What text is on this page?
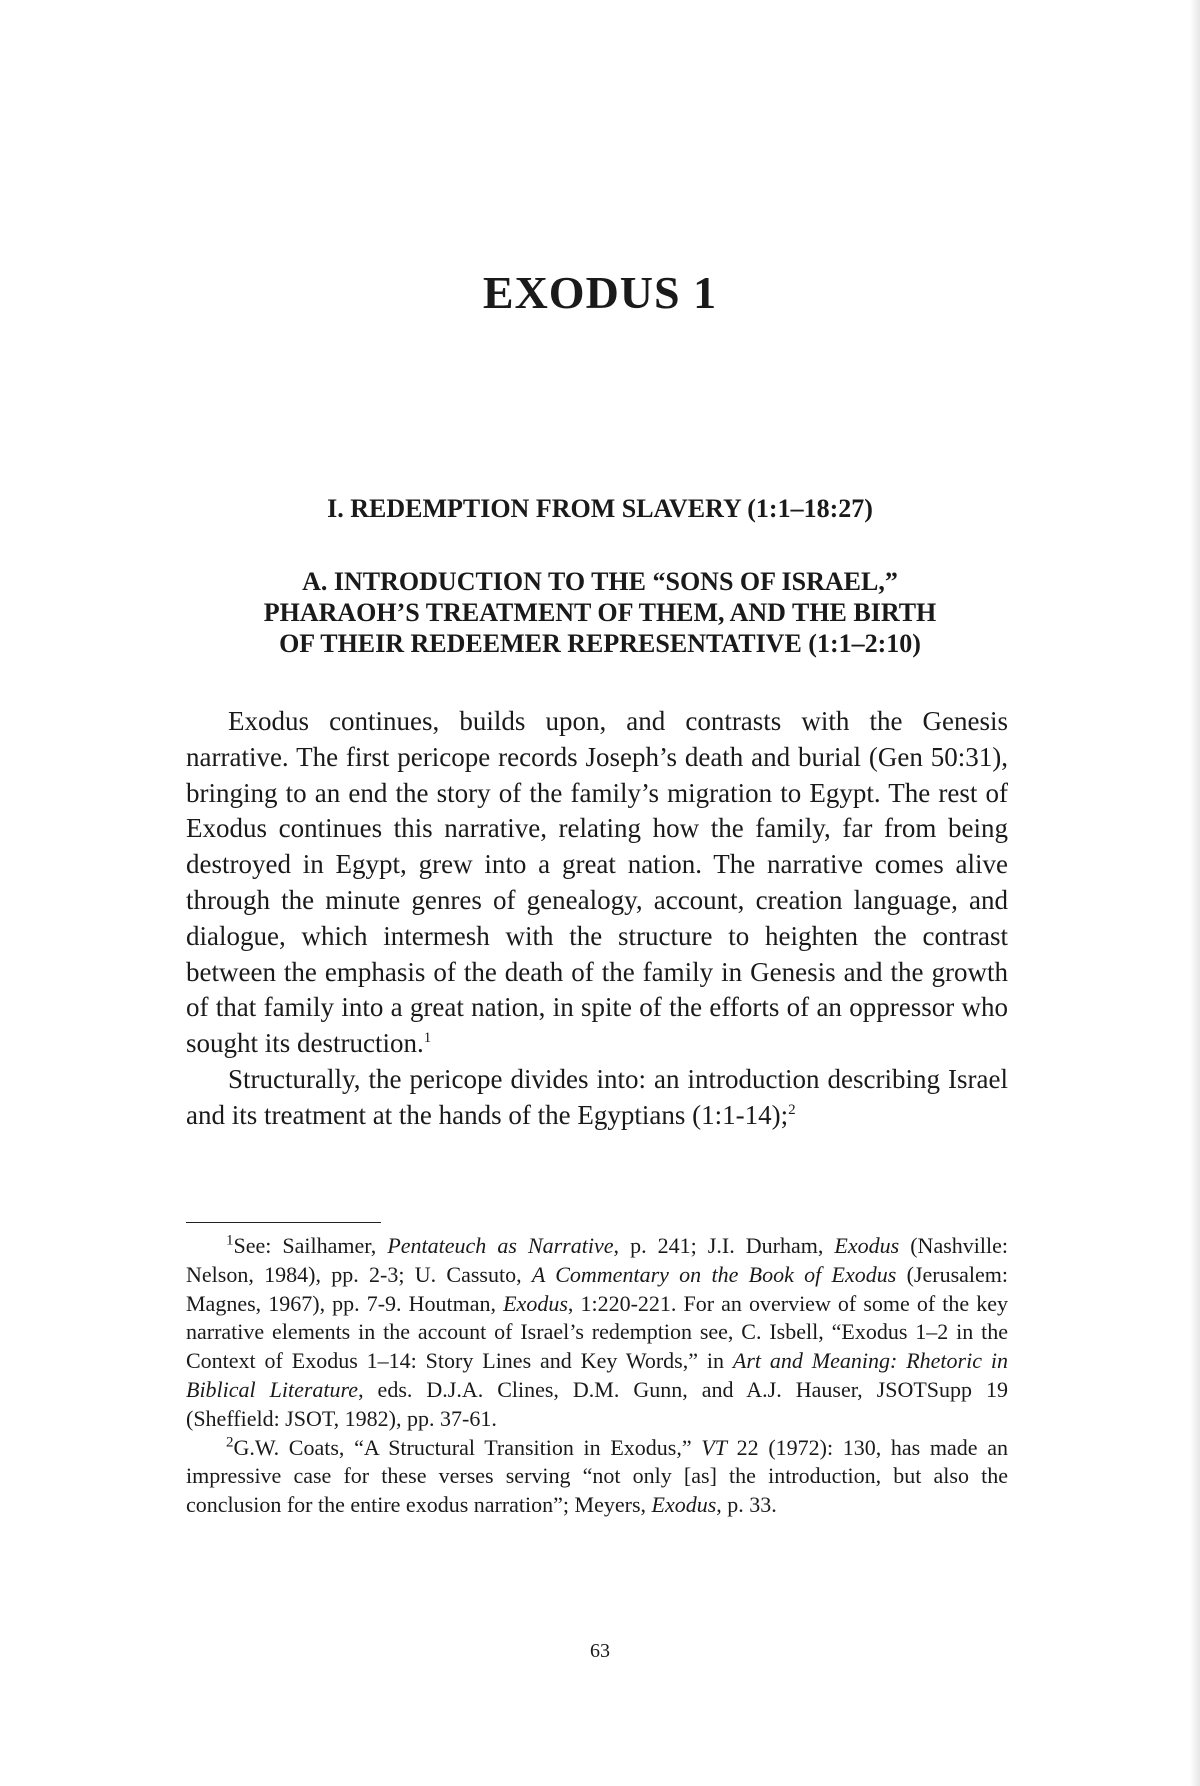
EXODUS 1
I. REDEMPTION FROM SLAVERY (1:1–18:27)
A. INTRODUCTION TO THE “SONS OF ISRAEL,”
PHARAOH’S TREATMENT OF THEM, AND THE BIRTH
OF THEIR REDEEMER REPRESENTATIVE (1:1–2:10)

Exodus continues, builds upon, and contrasts with the Genesis narrative. The first pericope records Joseph’s death and burial (Gen 50:31), bringing to an end the story of the family’s migration to Egypt. The rest of Exodus continues this narrative, relating how the family, far from being destroyed in Egypt, grew into a great nation. The narrative comes alive through the minute genres of genealogy, account, creation language, and dialogue, which intermesh with the structure to heighten the contrast between the emphasis of the death of the family in Genesis and the growth of that family into a great nation, in spite of the efforts of an oppressor who sought its destruction.$^1$

Structurally, the pericope divides into: an introduction describing Israel and its treatment at the hands of the Egyptians (1:1-14);$^2$

$^1$See: Sailhamer, Pentateuch as Narrative, p. 241; J.I. Durham, Exodus (Nashville: Nelson, 1984), pp. 2-3; U. Cassuto, A Commentary on the Book of Exodus (Jerusalem: Magnes, 1967), pp. 7-9. Houtman, Exodus, 1:220-221. For an overview of some of the key narrative elements in the account of Israel’s redemption see, C. Isbell, “Exodus 1–2 in the Context of Exodus 1–14: Story Lines and Key Words,” in Art and Meaning: Rhetoric in Biblical Literature, eds. D.J.A. Clines, D.M. Gunn, and A.J. Hauser, JSOTSupp 19 (Sheffield: JSOT, 1982), pp. 37-61.

$^2$G.W. Coats, “A Structural Transition in Exodus,” VT 22 (1972): 130, has made an impressive case for these verses serving “not only [as] the introduction, but also the conclusion for the entire exodus narration”; Meyers, Exodus, p. 33.

63
